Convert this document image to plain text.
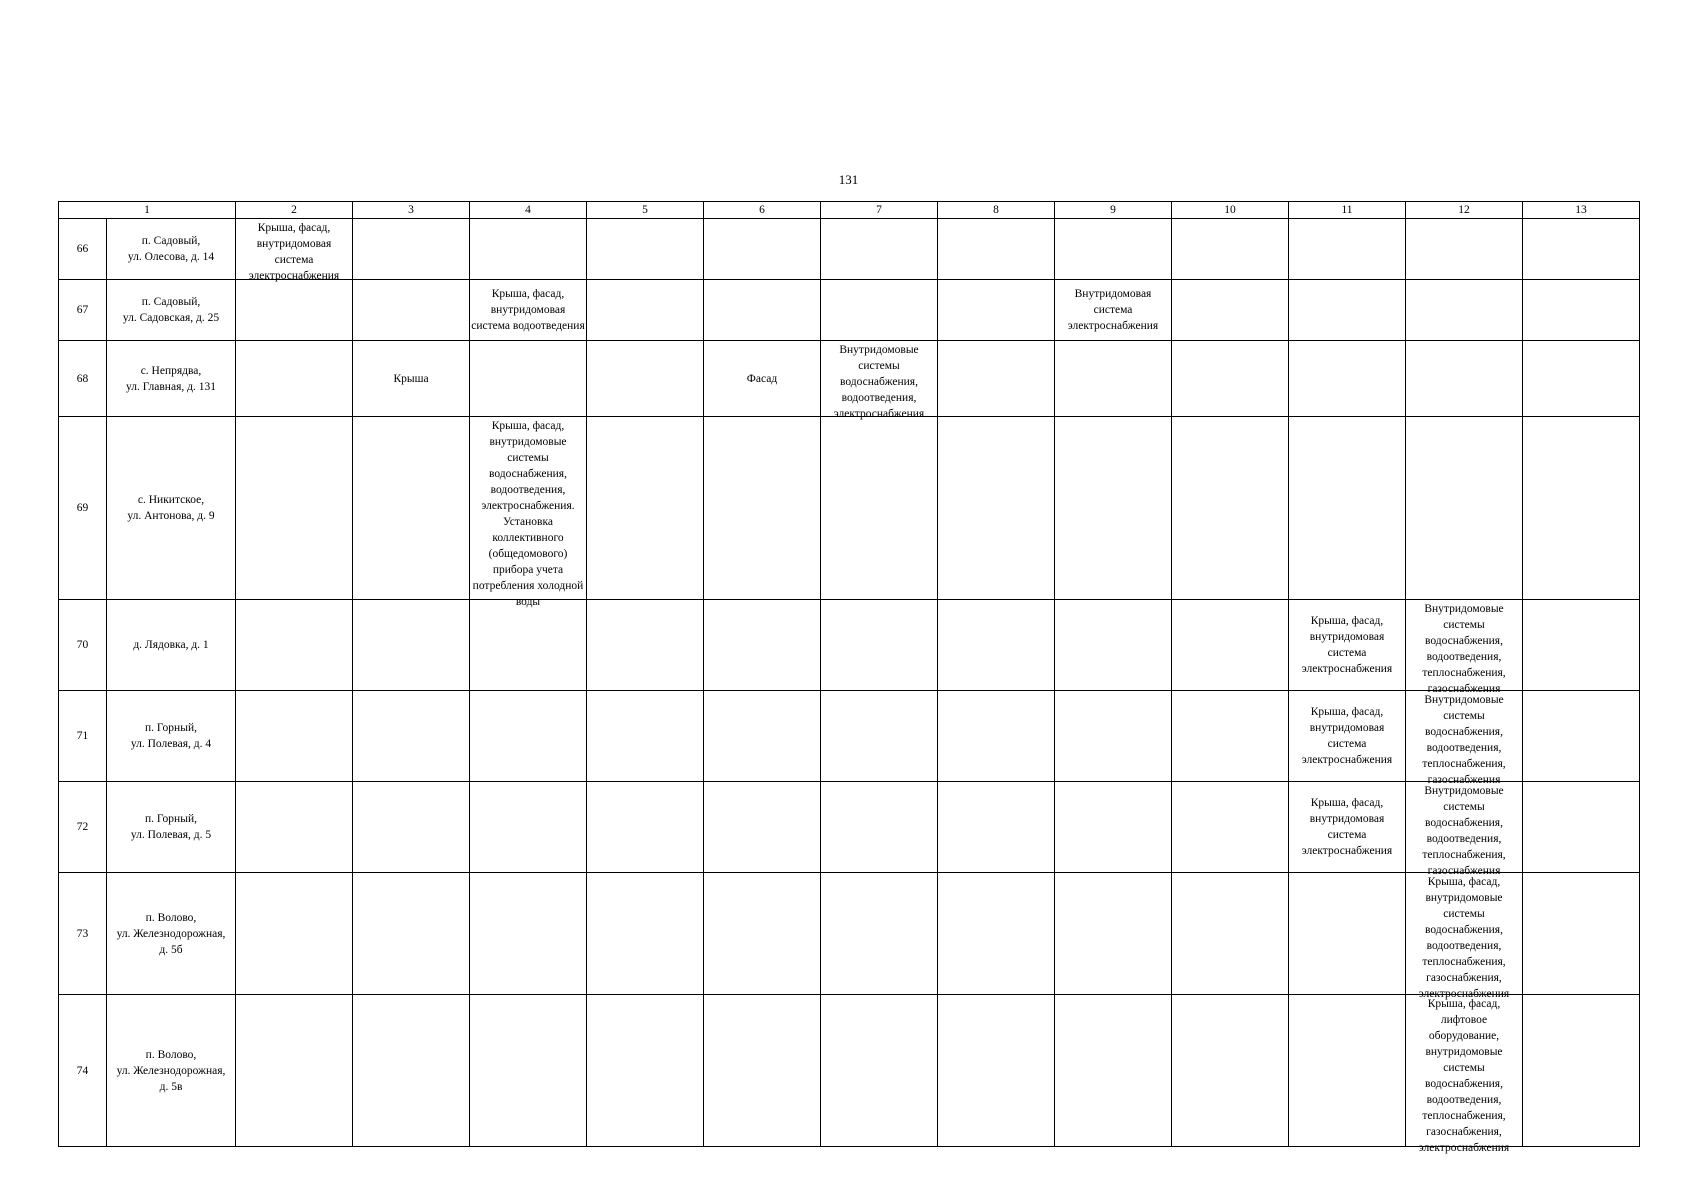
131
1		2	3	4	5	6	7	8	9	10	11	12	13
66	п. Садовый,
ул. Олесова, д. 14	Крыша, фасад, внутридомовая система электроснабжения											

67	п. Садовый,
ул. Садовская, д. 25			Крыша, фасад, внутридомовая система водоотведения					Внутридомовая система электроснабжения				

68	с. Непрядва,
ул. Главная, д. 131		Крыша			Фасад	Внутридомовые системы водоснабжения, водоотведения, электроснабжения						

69	с. Никитское,
ул. Антонова, д. 9			Крыша, фасад, внутридомовые системы водоснабжения, водоотведения, электроснабжения. Установка коллективного (общедомового) прибора учета потребления холодной воды									

70	д. Лядовка, д. 1										Крыша, фасад, внутридомовая система электроснабжения	Внутридомовые системы водоснабжения, водоотведения, теплоснабжения, газоснабжения	

71	п. Горный,
ул. Полевая, д. 4										Крыша, фасад, внутридомовая система электроснабжения	Внутридомовые системы водоснабжения, водоотведения, теплоснабжения, газоснабжения	

72	п. Горный,
ул. Полевая, д. 5										Крыша, фасад, внутридомовая система электроснабжения	Внутридомовые системы водоснабжения, водоотведения, теплоснабжения, газоснабжения	

73	п. Волово,
ул. Железнодорожная,
д. 5б											Крыша, фасад, внутридомовые системы водоснабжения, водоотведения, теплоснабжения, газоснабжения, электроснабжения	

74	п. Волово,
ул. Железнодорожная,
д. 5в											Крыша, фасад, лифтовое оборудование, внутридомовые системы водоснабжения, водоотведения, теплоснабжения, газоснабжения, электроснабжения	
